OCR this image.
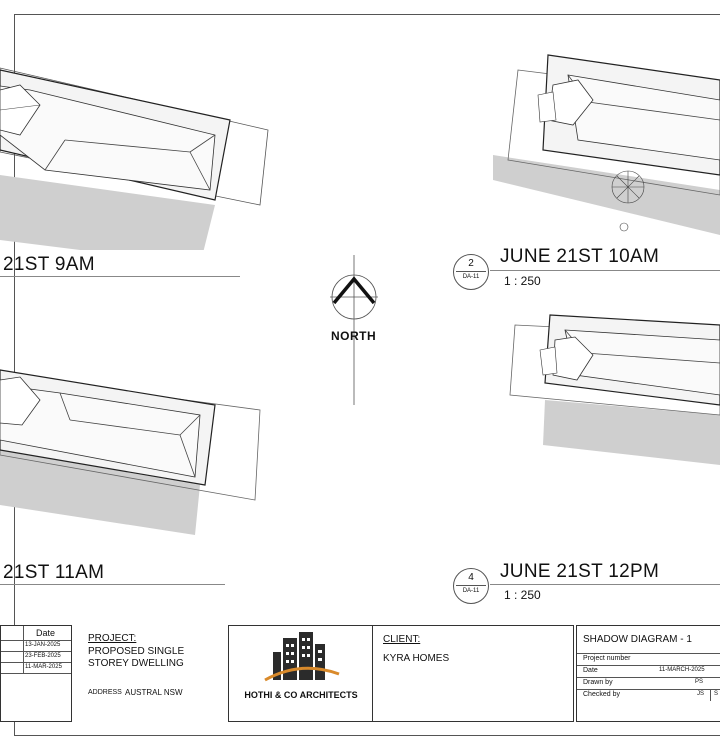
21ST 9AM	2
DA-11
JUNE 21ST 10AM
1 : 250
21ST 11AM	4
DA-11
JUNE 21ST 12PM
1 : 250
NORTH
Date
13-JAN-2025
23-FEB-2025
11-MAR-2025
PROJECT:
PROPOSED SINGLE
STOREY DWELLING
ADDRESS AUSTRAL NSW	HOTHI & CO ARCHITECTS
CLIENT:
KYRA HOMES
SHADOW DIAGRAM - 1
Project number
Date	11-MARCH-2025
Drawn by	PS
Checked by	JS S
